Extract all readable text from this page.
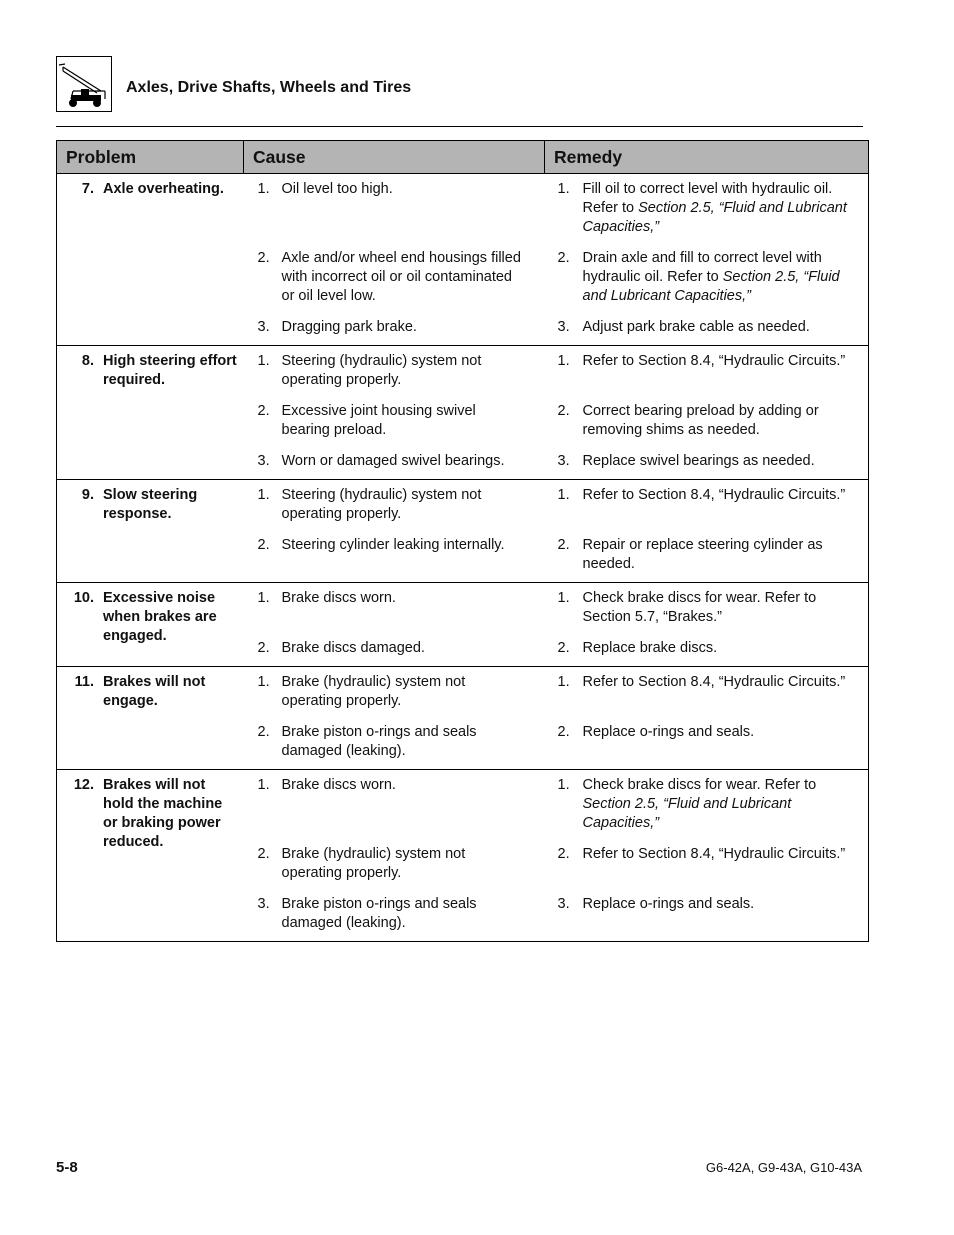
Axles, Drive Shafts, Wheels and Tires
Problem	Cause	Remedy

7. Axle overheating.	1. Oil level too high.	1. Fill oil to correct level with hydraulic oil. Refer to Section 2.5, “Fluid and Lubricant Capacities,”

	2. Axle and/or wheel end housings filled with incorrect oil or oil contaminated or oil level low.	2. Drain axle and fill to correct level with hydraulic oil. Refer to Section 2.5, “Fluid and Lubricant Capacities,”

	3. Dragging park brake.	3. Adjust park brake cable as needed.

8. High steering effort required.	1. Steering (hydraulic) system not operating properly.	1. Refer to Section 8.4, “Hydraulic Circuits.”

	2. Excessive joint housing swivel bearing preload.	2. Correct bearing preload by adding or removing shims as needed.

	3. Worn or damaged swivel bearings.	3. Replace swivel bearings as needed.

9. Slow steering response.	1. Steering (hydraulic) system not operating properly.	1. Refer to Section 8.4, “Hydraulic Circuits.”

	2. Steering cylinder leaking internally.	2. Repair or replace steering cylinder as needed.

10. Excessive noise when brakes are engaged.	1. Brake discs worn.	1. Check brake discs for wear. Refer to Section 5.7, “Brakes.”

	2. Brake discs damaged.	2. Replace brake discs.

11. Brakes will not engage.	1. Brake (hydraulic) system not operating properly.	1. Refer to Section 8.4, “Hydraulic Circuits.”

	2. Brake piston o-rings and seals damaged (leaking).	2. Replace o-rings and seals.

12. Brakes will not hold the machine or braking power reduced.	1. Brake discs worn.	1. Check brake discs for wear. Refer to Section 2.5, “Fluid and Lubricant Capacities,”

	2. Brake (hydraulic) system not operating properly.	2. Refer to Section 8.4, “Hydraulic Circuits.”

	3. Brake piston o-rings and seals damaged (leaking).	3. Replace o-rings and seals.
5-8	G6-42A, G9-43A, G10-43A
